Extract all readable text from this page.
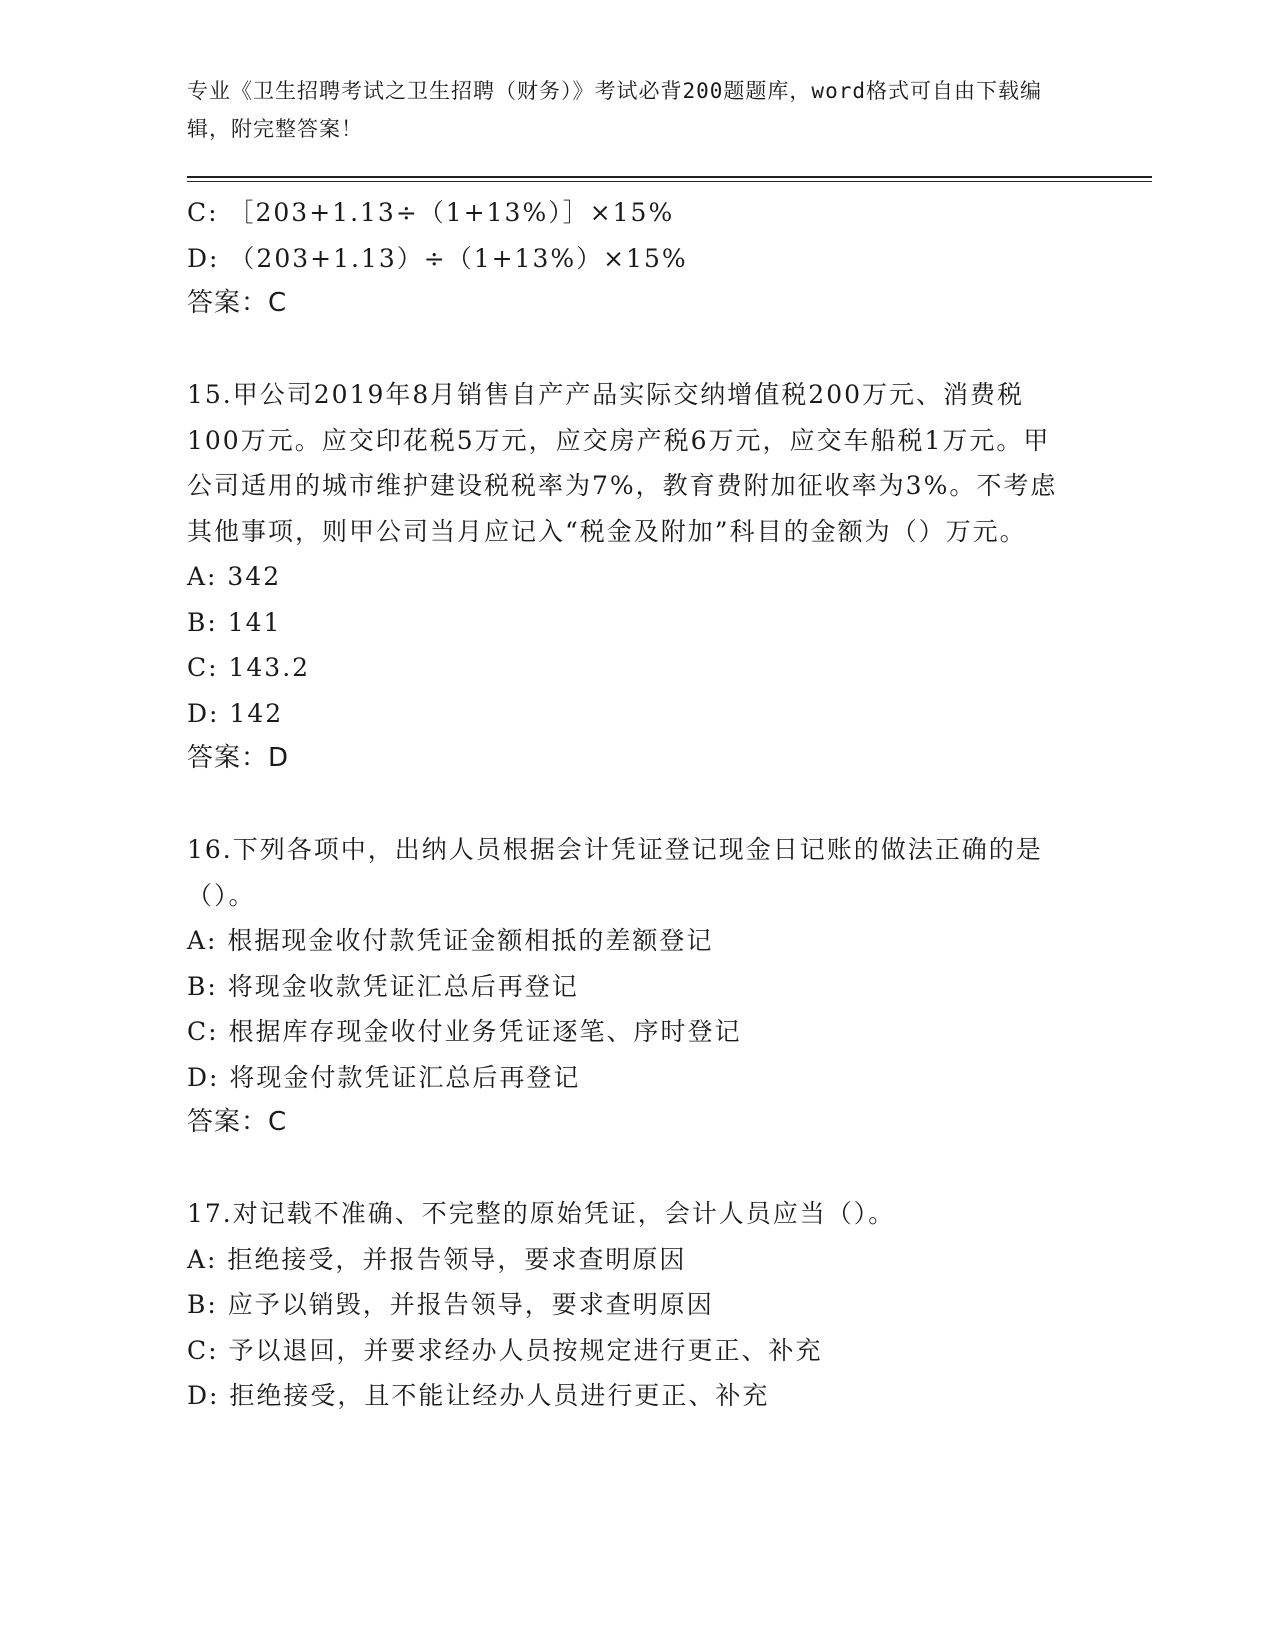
专业《卫生招聘考试之卫生招聘（财务）》考试必背200题题库，word格式可自由下载编辑，附完整答案！
C: ［203+1.13÷（1+13%）］×15%
D: （203+1.13）÷（1+13%）×15%
答案：C
15.甲公司2019年8月销售自产产品实际交纳增值税200万元、消费税100万元。应交印花税5万元，应交房产税6万元，应交车船税1万元。甲公司适用的城市维护建设税税率为7%，教育费附加征收率为3%。不考虑其他事项，则甲公司当月应记入“税金及附加”科目的金额为（）万元。
A: 342
B: 141
C: 143.2
D: 142
答案：D
16.下列各项中，出纳人员根据会计凭证登记现金日记账的做法正确的是（）。
A: 根据现金收付款凭证金额相抵的差额登记
B: 将现金收款凭证汇总后再登记
C: 根据库存现金收付业务凭证逐笔、序时登记
D: 将现金付款凭证汇总后再登记
答案：C
17.对记载不准确、不完整的原始凭证，会计人员应当（）。
A: 拒绝接受，并报告领导，要求查明原因
B: 应予以销毁，并报告领导，要求查明原因
C: 予以退回，并要求经办人员按规定进行更正、补充
D: 拒绝接受，且不能让经办人员进行更正、补充
